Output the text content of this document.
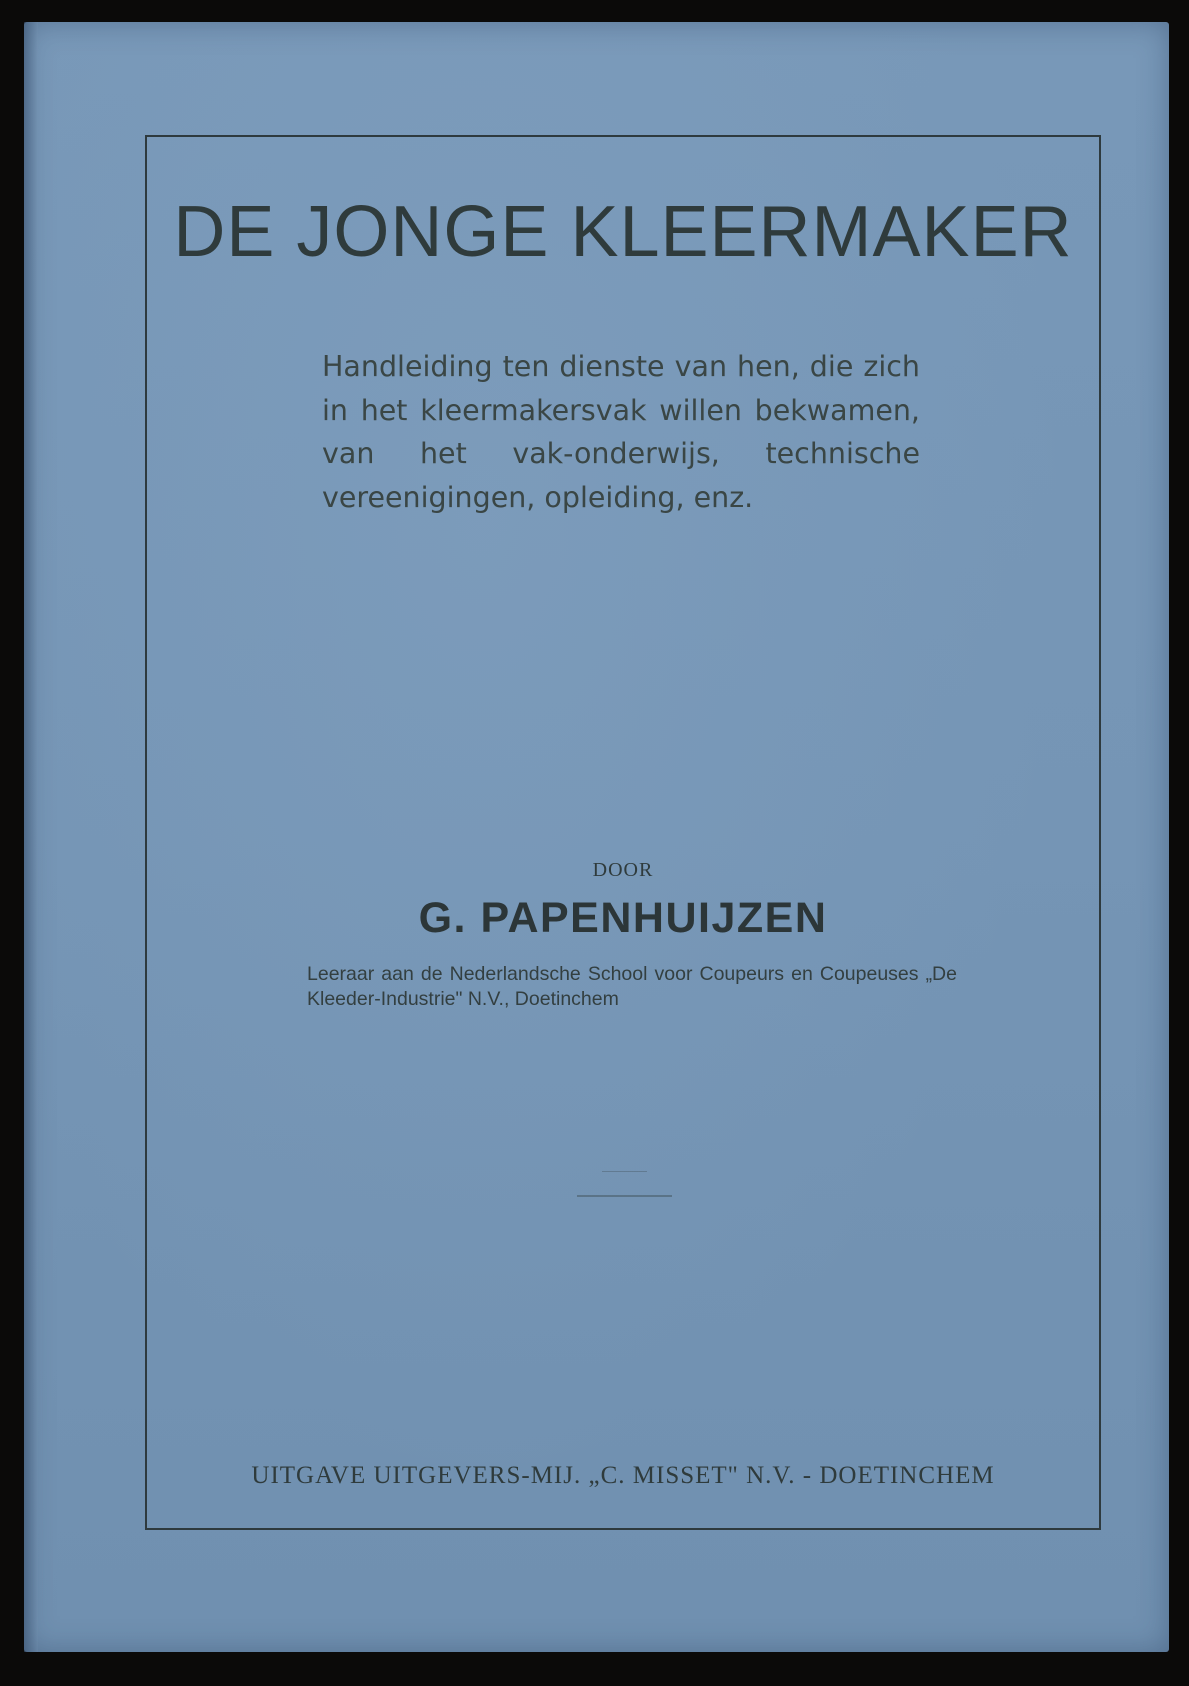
DE JONGE KLEERMAKER

Handleiding ten dienste van hen, die zich in het kleermakersvak willen bekwamen, van het vak-onderwijs, technische vereenigingen, opleiding, enz.

DOOR
G. PAPENHUIJZEN

Leeraar aan de Nederlandsche School voor Coupeurs en Coupeuses „De Kleeder-Industrie" N.V., Doetinchem

UITGAVE UITGEVERS-MIJ. „C. MISSET" N.V. - DOETINCHEM
